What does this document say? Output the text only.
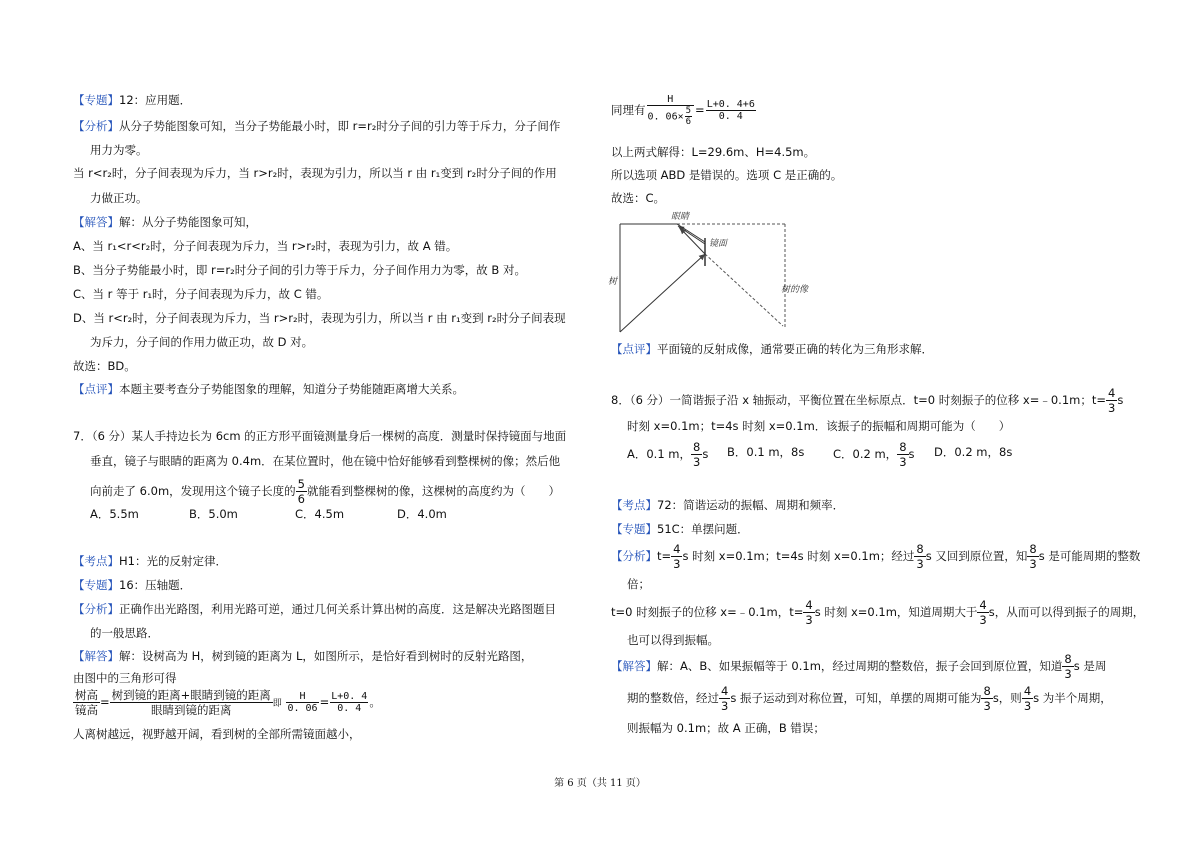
【专题】12：应用题．
【分析】从分子势能图象可知，当分子势能最小时，即 r=r₂时分子间的引力等于斥力，分子间作
用力为零。
当 r<r₂时，分子间表现为斥力，当 r>r₂时，表现为引力，所以当 r 由 r₁变到 r₂时分子间的作用
力做正功。
【解答】解：从分子势能图象可知，
A、当 r₁<r<r₂时，分子间表现为斥力，当 r>r₂时，表现为引力，故 A 错。
B、当分子势能最小时，即 r=r₂时分子间的引力等于斥力，分子间作用力为零，故 B 对。
C、当 r 等于 r₁时，分子间表现为斥力，故 C 错。
D、当 r<r₂时，分子间表现为斥力，当 r>r₂时，表现为引力，所以当 r 由 r₁变到 r₂时分子间表现
为斥力，分子间的作用力做正功，故 D 对。
故选：BD。
【点评】本题主要考查分子势能图象的理解，知道分子势能随距离增大关系。
7．（6 分）某人手持边长为 6cm 的正方形平面镜测量身后一棵树的高度．测量时保持镜面与地面
垂直，镜子与眼睛的距离为 0.4m．在某位置时，他在镜中恰好能够看到整棵树的像；然后他
向前走了 6.0m，发现用这个镜子长度的 $\frac{5}{6}$ 就能看到整棵树的像，这棵树的高度约为（　　）
A．5.5m	B．5.0m	C．4.5m	D．4.0m
【考点】H1：光的反射定律．
【专题】16：压轴题．
【分析】正确作出光路图，利用光路可逆，通过几何关系计算出树的高度．这是解决光路图题目
的一般思路．
【解答】解：设树高为 H，树到镜的距离为 L，如图所示，是恰好看到树时的反射光路图，
由图中的三角形可得
$\frac{\text{树高}}{\text{镜高}} = \frac{\text{树到镜的距离+眼睛到镜的距离}}{\text{眼睛到镜的距离}}$ 即 $\frac{H}{0. 06} = \frac{L+0. 4}{0. 4}$ 。
人离树越远，视野越开阔，看到树的全部所需镜面越小，
同理有 $\frac{H}{0. 06\times \frac{5}{6}} = \frac{L+0. 4+6}{0. 4}$
以上两式解得：L=29.6m、H=4.5m。
所以选项 ABD 是错误的。选项 C 是正确的。
故选：C。
眼睛
镜面
树
树的像
【点评】平面镜的反射成像，通常要正确的转化为三角形求解．
8．（6 分）一简谐振子沿 x 轴振动，平衡位置在坐标原点．t=0 时刻振子的位移 x=﹣0.1m；$t= \frac{4}{3}$ s
时刻 x=0.1m；t=4s 时刻 x=0.1m．该振子的振幅和周期可能为（　　）
A．0.1 m， $\frac{8}{3}$ s B．0.1 m，8s C．0.2 m， $\frac{8}{3}$ s D．0.2 m，8s
【考点】72：简谐运动的振幅、周期和频率．
【专题】51C：单摆问题．
【分析】$t= \frac{4}{3}$ s 时刻 x=0.1m；t=4s 时刻 x=0.1m；经过 $\frac{8}{3}$ s 又回到原位置，知 $\frac{8}{3}$ s 是可能周期的整数
倍；
t=0 时刻振子的位移 x=﹣0.1m，$t= \frac{4}{3}$ s 时刻 x=0.1m，知道周期大于 $\frac{4}{3}$ s，从而可以得到振子的周期，
也可以得到振幅。
【解答】解：A、B、如果振幅等于 0.1m，经过周期的整数倍，振子会回到原位置，知道 $\frac{8}{3}$ s 是周
期的整数倍，经过 $\frac{4}{3}$ s 振子运动到对称位置，可知，单摆的周期可能为 $\frac{8}{3}$ s，则 $\frac{4}{3}$ s 为半个周期，
则振幅为 0.1m；故 A 正确，B 错误；
第 6 页（共 11 页）
